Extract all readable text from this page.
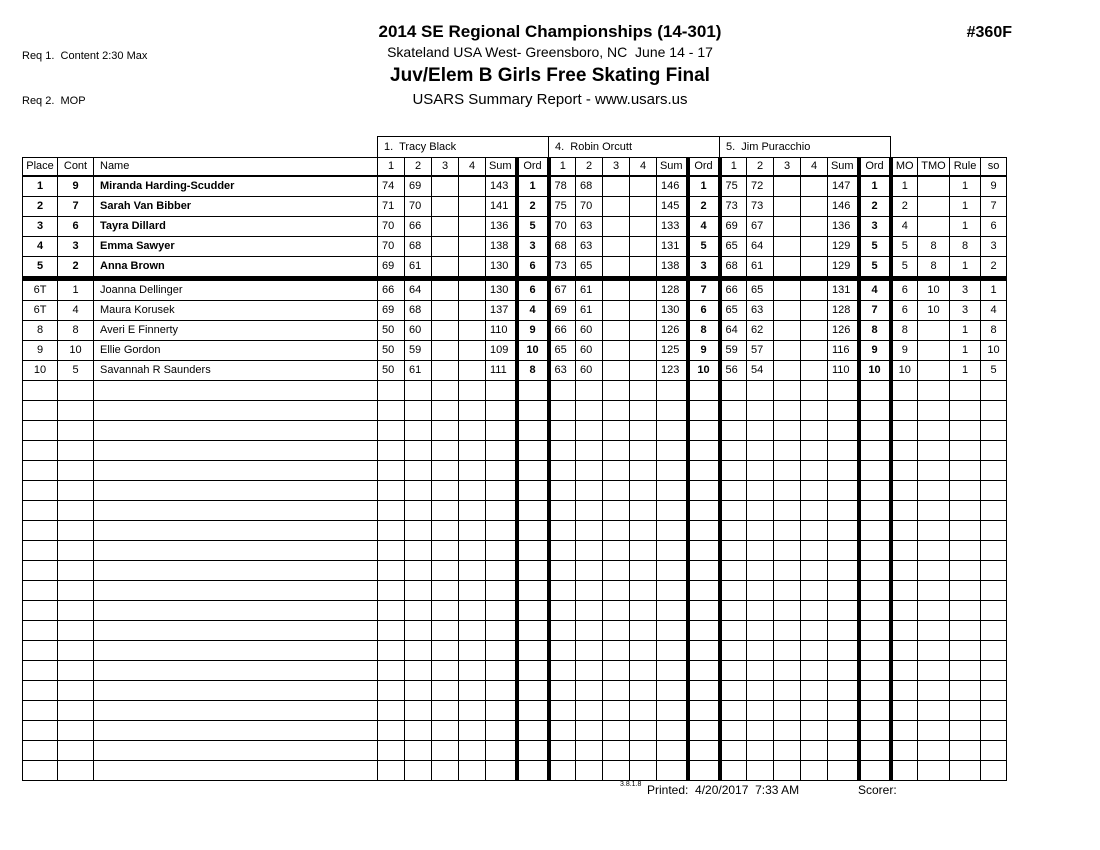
Req 1.  Content 2:30 Max

Req 2.  MOP

2014 SE Regional Championships (14-301)
Skateland USA West- Greensboro, NC  June 14 - 17
Juv/Elem B Girls Free Skating Final
USARS Summary Report - www.usars.us
#360F
			1.  Tracy Black						4.  Robin Orcutt						5.  Jim Puracchio									
Place	Cont	Name	1	2	3	4	Sum	Ord	1	2	3	4	Sum	Ord	1	2	3	4	Sum	Ord	MO	TMO	Rule	so
1	9	Miranda Harding-Scudder	74	69			143	1	78	68			146	1	75	72			147	1	1		1	9
2	7	Sarah Van Bibber	71	70			141	2	75	70			145	2	73	73			146	2	2		1	7
3	6	Tayra Dillard	70	66			136	5	70	63			133	4	69	67			136	3	4		1	6
4	3	Emma Sawyer	70	68			138	3	68	63			131	5	65	64			129	5	5	8	8	3
5	2	Anna Brown	69	61			130	6	73	65			138	3	68	61			129	5	5	8	1	2
6T	1	Joanna Dellinger	66	64			130	6	67	61			128	7	66	65			131	4	6	10	3	1
6T	4	Maura Korusek	69	68			137	4	69	61			130	6	65	63			128	7	6	10	3	4
8	8	Averi E Finnerty	50	60			110	9	66	60			126	8	64	62			126	8	8		1	8
9	10	Ellie Gordon	50	59			109	10	65	60			125	9	59	57			116	9	9		1	10
10	5	Savannah R Saunders	50	61			111	8	63	60			123	10	56	54			110	10	10		1	5

3.8.1.8 Printed:  4/20/2017  7:33 AM	Scorer:
